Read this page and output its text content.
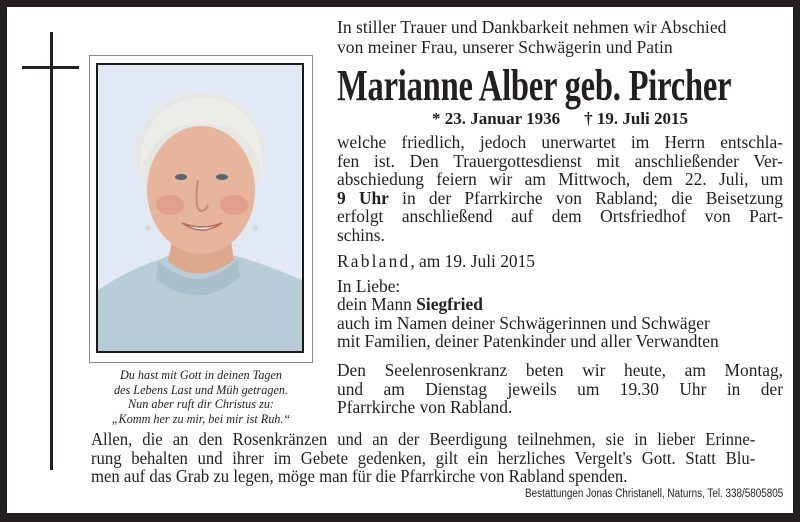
Du hast mit Gott in deinen Tagen
des Lebens Last und Müh getragen.
Nun aber ruft dir Christus zu:
„Komm her zu mir, bei mir ist Ruh.“
In stiller Trauer und Dankbarkeit nehmen wir Abschied
von meiner Frau, unserer Schwägerin und Patin
Marianne Alber geb. Pircher
* 23. Januar 1936 † 19. Juli 2015
welche friedlich, jedoch unerwartet im Herrn entschla-
fen ist. Den Trauergottesdienst mit anschließender Ver-
abschiedung feiern wir am Mittwoch, dem 22. Juli, um
9 Uhr in der Pfarrkirche von Rabland; die Beisetzung
erfolgt anschließend auf dem Ortsfriedhof von Part-
schins.
Rabland, am 19. Juli 2015
In Liebe:
dein Mann Siegfried
auch im Namen deiner Schwägerinnen und Schwäger
mit Familien, deiner Patenkinder und aller Verwandten
Den Seelenrosenkranz beten wir heute, am Montag,
und am Dienstag jeweils um 19.30 Uhr in der
Pfarrkirche von Rabland.
Allen, die an den Rosenkränzen und an der Beerdigung teilnehmen, sie in lieber Erinne-
rung behalten und ihrer im Gebete gedenken, gilt ein herzliches Vergelt's Gott. Statt Blu-
men auf das Grab zu legen, möge man für die Pfarrkirche von Rabland spenden.
Bestattungen Jonas Christanell, Naturns, Tel. 338/5805805
